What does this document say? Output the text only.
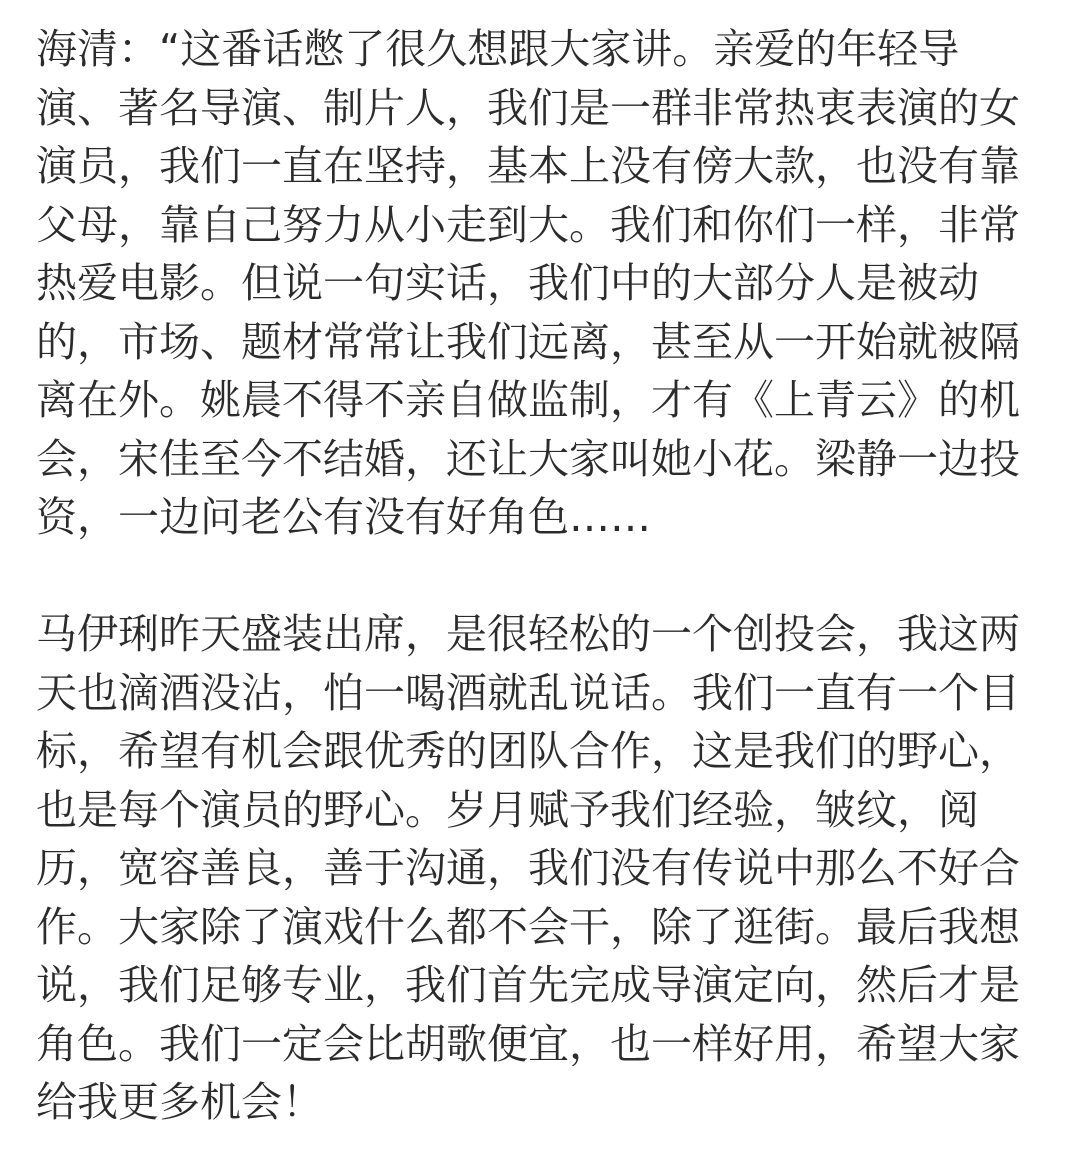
海清：“这番话憋了很久想跟大家讲。亲爱的年轻导
演、著名导演、制片人，我们是一群非常热衷表演的女
演员，我们一直在坚持，基本上没有傍大款，也没有靠
父母，靠自己努力从小走到大。我们和你们一样，非常
热爱电影。但说一句实话，我们中的大部分人是被动
的，市场、题材常常让我们远离，甚至从一开始就被隔
离在外。姚晨不得不亲自做监制，才有《上青云》的机
会，宋佳至今不结婚，还让大家叫她小花。梁静一边投
资，一边问老公有没有好角色……

马伊琍昨天盛装出席，是很轻松的一个创投会，我这两
天也滴酒没沾，怕一喝酒就乱说话。我们一直有一个目
标，希望有机会跟优秀的团队合作，这是我们的野心，
也是每个演员的野心。岁月赋予我们经验，皱纹，阅
历，宽容善良，善于沟通，我们没有传说中那么不好合
作。大家除了演戏什么都不会干，除了逛街。最后我想
说，我们足够专业，我们首先完成导演定向，然后才是
角色。我们一定会比胡歌便宜，也一样好用，希望大家
给我更多机会！
